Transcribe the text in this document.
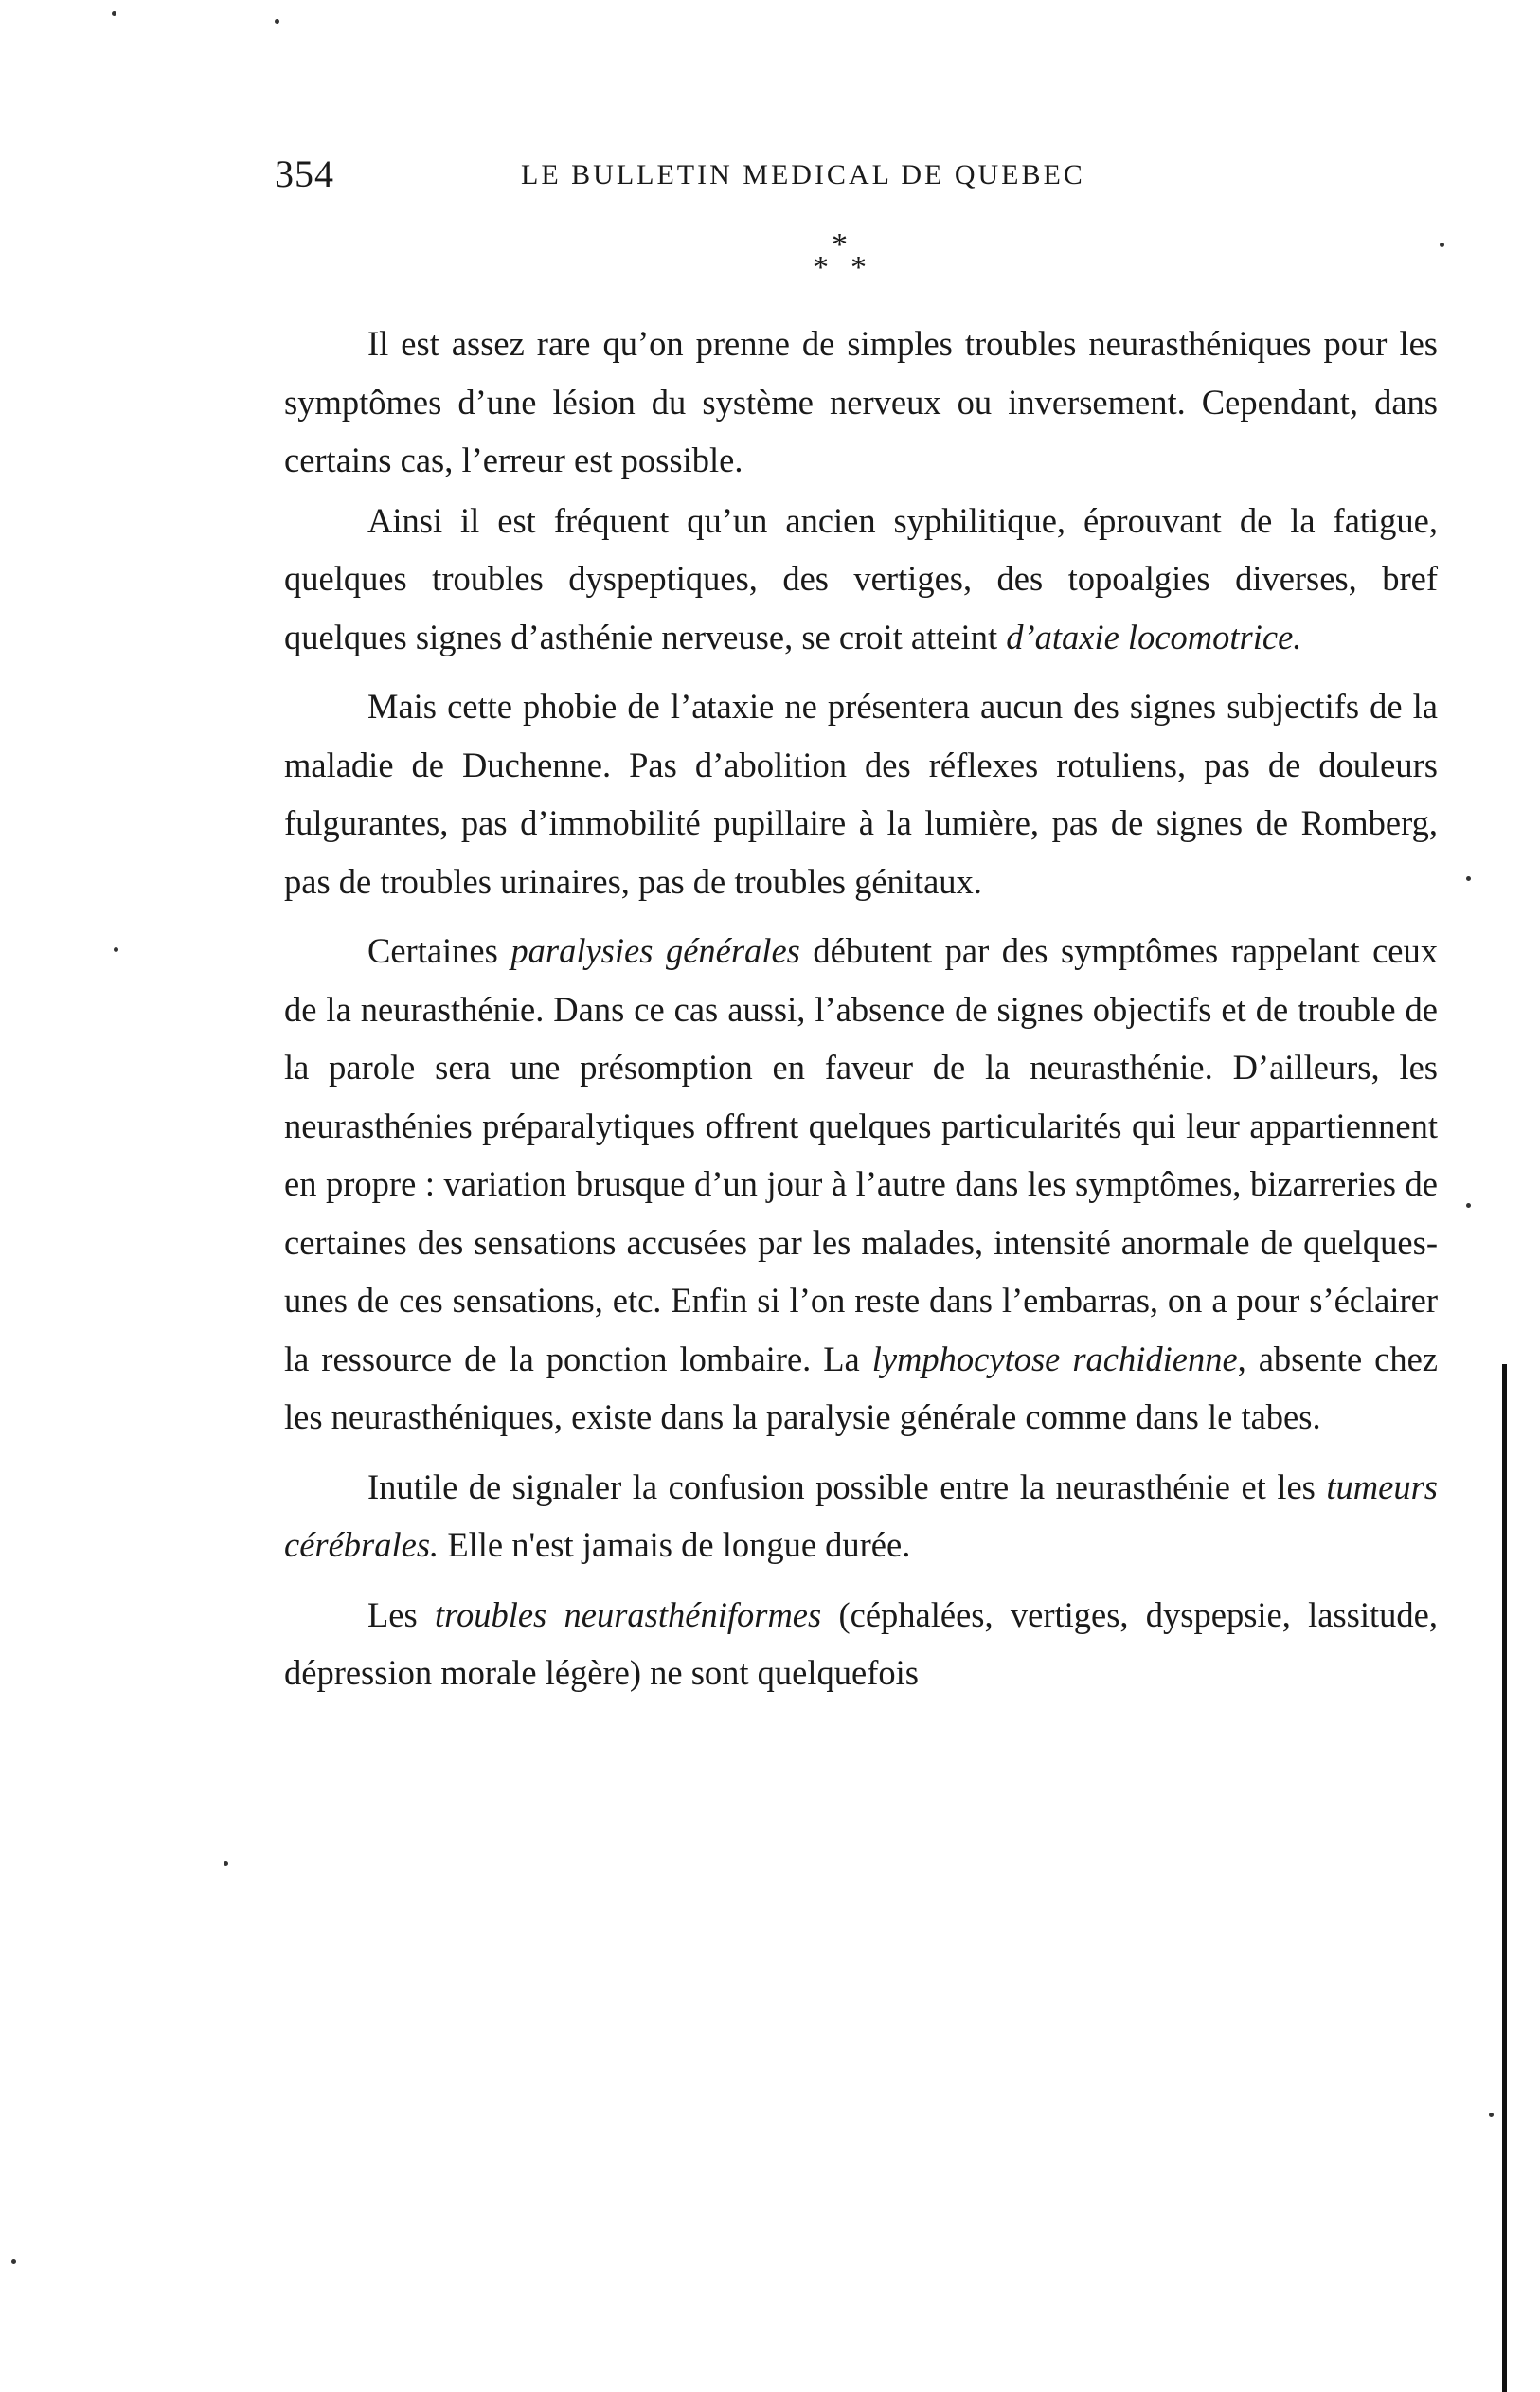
354	LE BULLETIN MEDICAL DE QUEBEC
*
* *

Il est assez rare qu’on prenne de simples troubles neurasthéniques pour les symptômes d’une lésion du système nerveux ou inversement. Cependant, dans certains cas, l’erreur est possible.

Ainsi il est fréquent qu’un ancien syphilitique, éprouvant de la fatigue, quelques troubles dyspeptiques, des vertiges, des topoalgies diverses, bref quelques signes d’asthénie nerveuse, se croit atteint d’ataxie locomotrice.

Mais cette phobie de l’ataxie ne présentera aucun des signes subjectifs de la maladie de Duchenne. Pas d’abolition des réflexes rotuliens, pas de douleurs fulgurantes, pas d’immobilité pupillaire à la lumière, pas de signes de Romberg, pas de troubles urinaires, pas de troubles génitaux.

Certaines paralysies générales débutent par des symptômes rappelant ceux de la neurasthénie. Dans ce cas aussi, l’absence de signes objectifs et de trouble de la parole sera une présomption en faveur de la neurasthénie. D’ailleurs, les neurasthénies préparalytiques offrent quelques particularités qui leur appartiennent en propre : variation brusque d’un jour à l’autre dans les symptômes, bizarreries de certaines des sensations accusées par les malades, intensité anormale de quelques-unes de ces sensations, etc. Enfin si l’on reste dans l’embarras, on a pour s’éclairer la ressource de la ponction lombaire. La lymphocytose rachidienne, absente chez les neurasthéniques, existe dans la paralysie générale comme dans le tabes.

Inutile de signaler la confusion possible entre la neurasthénie et les tumeurs cérébrales. Elle n'est jamais de longue durée.

Les troubles neurasthéniformes (céphalées, vertiges, dyspepsie, lassitude, dépression morale légère) ne sont quelquefois
